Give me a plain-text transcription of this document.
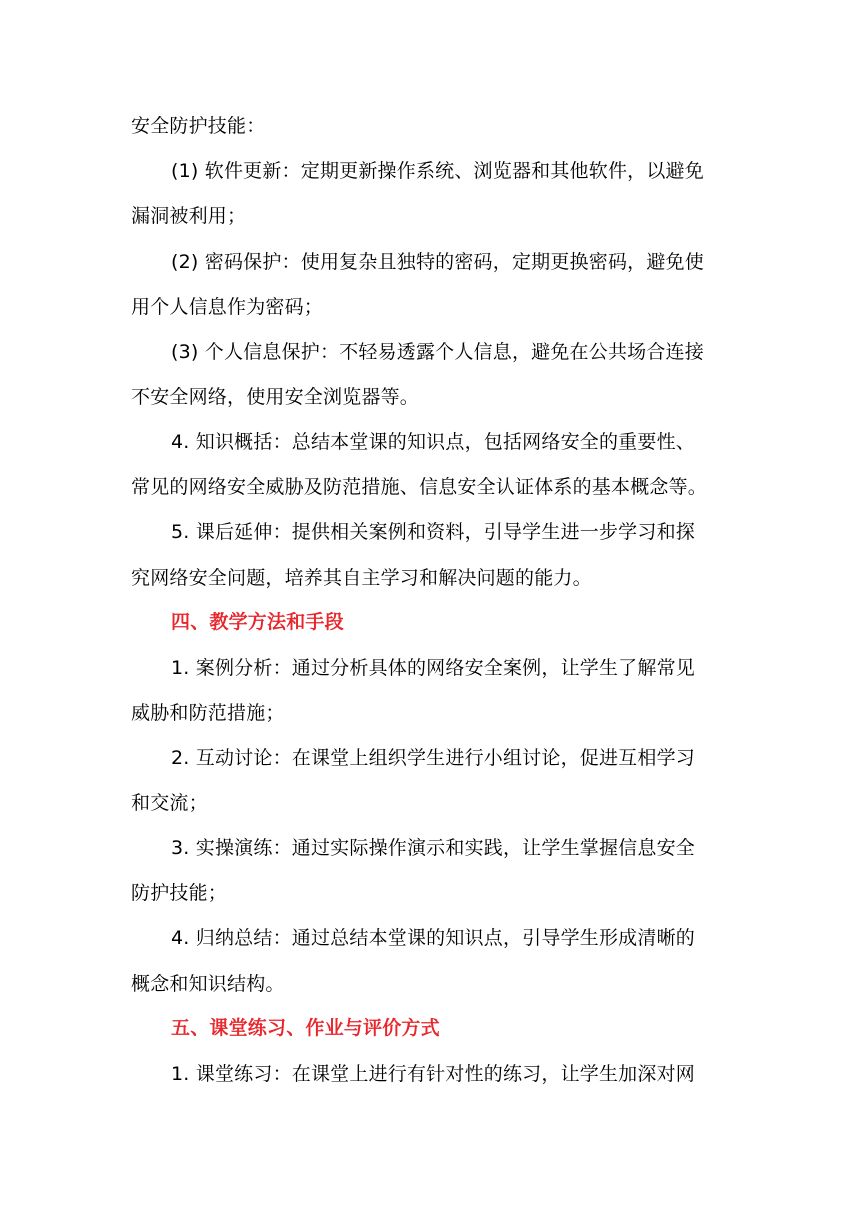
安全防护技能：
(1) 软件更新：定期更新操作系统、浏览器和其他软件，以避免
漏洞被利用；
(2) 密码保护：使用复杂且独特的密码，定期更换密码，避免使
用个人信息作为密码；
(3) 个人信息保护：不轻易透露个人信息，避免在公共场合连接
不安全网络，使用安全浏览器等。
4. 知识概括：总结本堂课的知识点，包括网络安全的重要性、
常见的网络安全威胁及防范措施、信息安全认证体系的基本概念等。
5. 课后延伸：提供相关案例和资料，引导学生进一步学习和探
究网络安全问题，培养其自主学习和解决问题的能力。
四、教学方法和手段
1. 案例分析：通过分析具体的网络安全案例，让学生了解常见
威胁和防范措施；
2. 互动讨论：在课堂上组织学生进行小组讨论，促进互相学习
和交流；
3. 实操演练：通过实际操作演示和实践，让学生掌握信息安全
防护技能；
4. 归纳总结：通过总结本堂课的知识点，引导学生形成清晰的
概念和知识结构。
五、课堂练习、作业与评价方式
1. 课堂练习：在课堂上进行有针对性的练习，让学生加深对网
